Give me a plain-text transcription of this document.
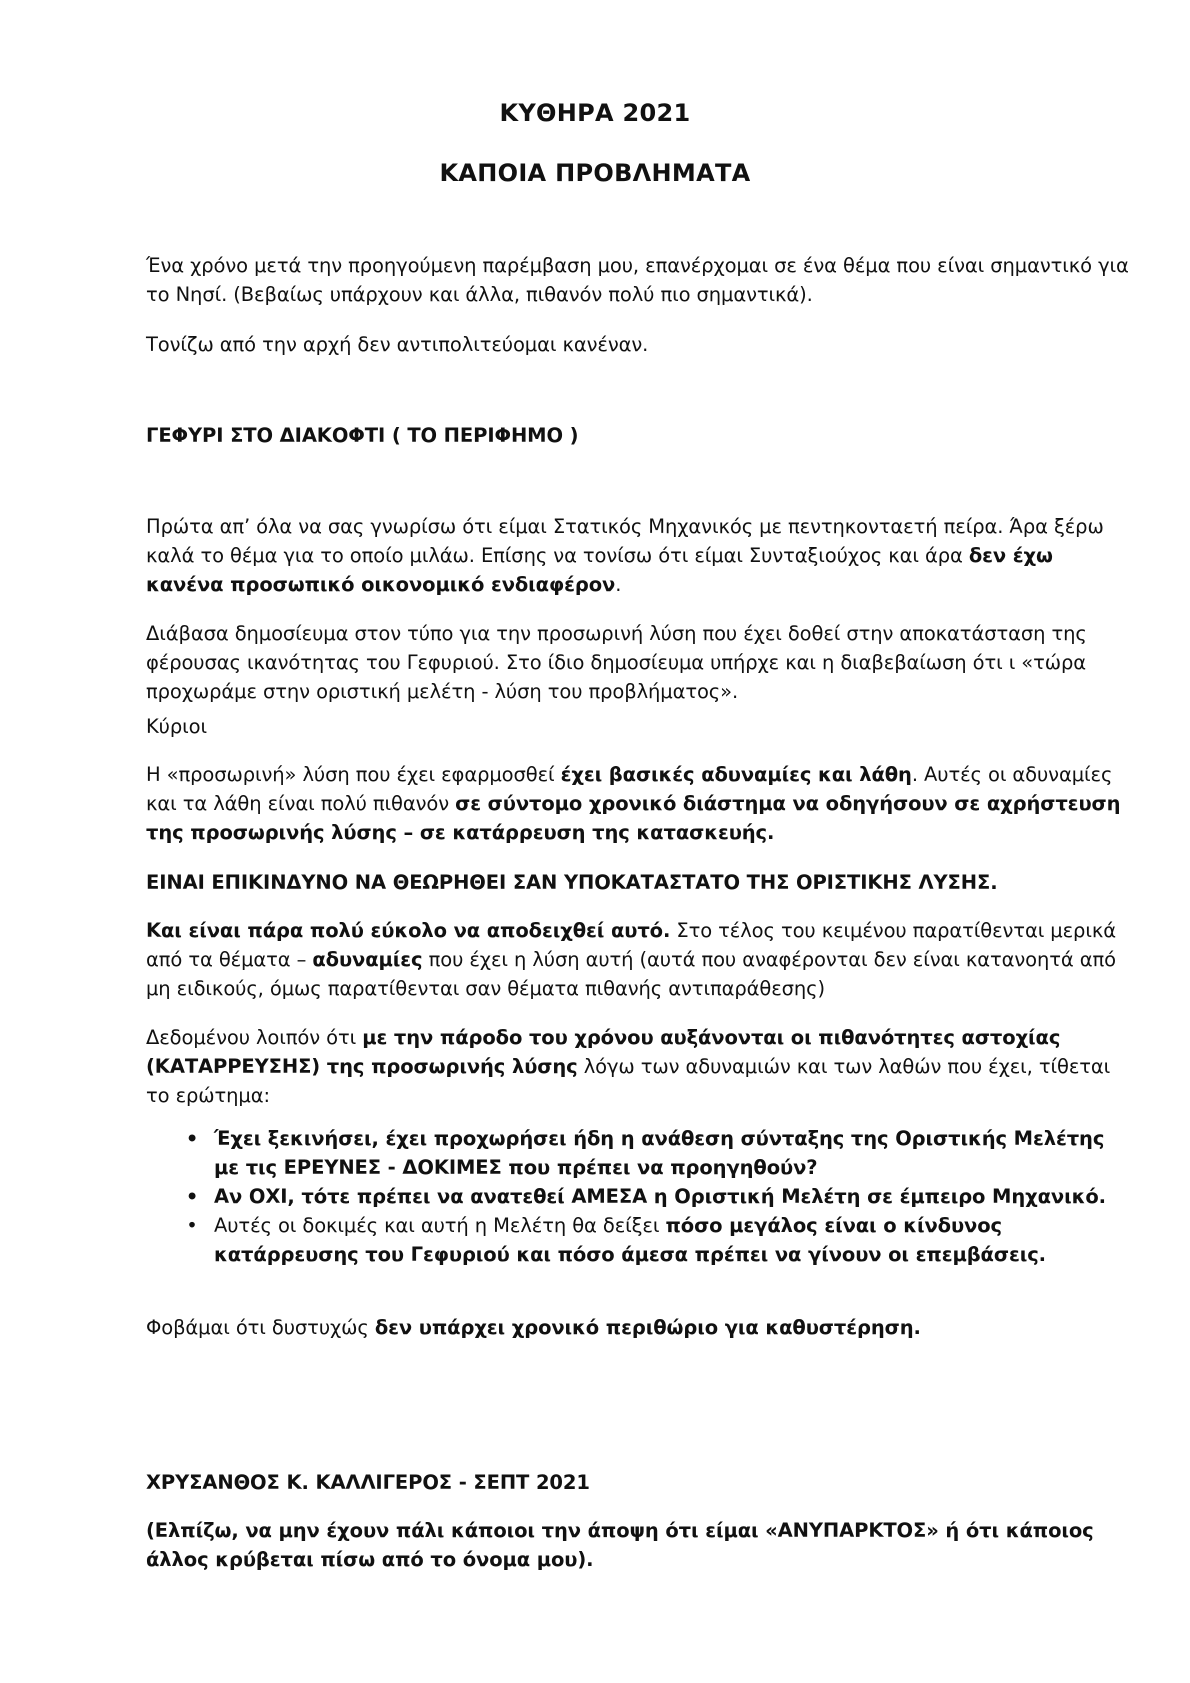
ΚΥΘΗΡΑ 2021
ΚΑΠΟΙΑ ΠΡΟΒΛΗΜΑΤΑ
Ένα χρόνο μετά την προηγούμενη παρέμβαση μου, επανέρχομαι σε ένα θέμα που είναι σημαντικό για το Νησί. (Βεβαίως υπάρχουν και άλλα, πιθανόν πολύ πιο σημαντικά).
Τονίζω από την αρχή δεν αντιπολιτεύομαι κανέναν.
ΓΕΦΥΡΙ ΣΤΟ ΔΙΑΚΟΦΤΙ ( ΤΟ ΠΕΡΙΦΗΜΟ )
Πρώτα απ’ όλα να σας γνωρίσω ότι είμαι Στατικός Μηχανικός με πεντηκονταετή πείρα. Άρα ξέρω καλά το θέμα για το οποίο μιλάω. Επίσης να τονίσω ότι είμαι Συνταξιούχος και άρα δεν έχω κανένα προσωπικό οικονομικό ενδιαφέρον.
Διάβασα δημοσίευμα στον τύπο για την προσωρινή λύση που έχει δοθεί στην αποκατάσταση της φέρουσας ικανότητας του Γεφυριού. Στο ίδιο δημοσίευμα υπήρχε και η διαβεβαίωση ότι ι «τώρα προχωράμε στην οριστική μελέτη - λύση του προβλήματος».
Κύριοι
Η «προσωρινή» λύση που έχει εφαρμοσθεί έχει βασικές αδυναμίες και λάθη. Αυτές οι αδυναμίες και τα λάθη είναι πολύ πιθανόν σε σύντομο χρονικό διάστημα να οδηγήσουν σε αχρήστευση της προσωρινής λύσης – σε κατάρρευση της κατασκευής.
ΕΙΝΑΙ ΕΠΙΚΙΝΔΥΝΟ ΝΑ ΘΕΩΡΗΘΕΙ ΣΑΝ ΥΠΟΚΑΤΑΣΤΑΤΟ ΤΗΣ ΟΡΙΣΤΙΚΗΣ ΛΥΣΗΣ.
Και είναι πάρα πολύ εύκολο να αποδειχθεί αυτό. Στο τέλος του κειμένου παρατίθενται μερικά από τα θέματα – αδυναμίες που έχει η λύση αυτή (αυτά που αναφέρονται δεν είναι κατανοητά από μη ειδικούς, όμως παρατίθενται σαν θέματα πιθανής αντιπαράθεσης)
Δεδομένου λοιπόν ότι με την πάροδο του χρόνου αυξάνονται οι πιθανότητες αστοχίας (ΚΑΤΑΡΡΕΥΣΗΣ) της προσωρινής λύσης λόγω των αδυναμιών και των λαθών που έχει, τίθεται το ερώτημα:
• Έχει ξεκινήσει, έχει προχωρήσει ήδη η ανάθεση σύνταξης της Οριστικής Μελέτης με τις ΕΡΕΥΝΕΣ - ΔΟΚΙΜΕΣ που πρέπει να προηγηθούν?
• Αν ΟΧΙ, τότε πρέπει να ανατεθεί ΑΜΕΣΑ η Οριστική Μελέτη σε έμπειρο Μηχανικό.
• Αυτές οι δοκιμές και αυτή η Μελέτη θα δείξει πόσο μεγάλος είναι ο κίνδυνος κατάρρευσης του Γεφυριού και πόσο άμεσα πρέπει να γίνουν οι επεμβάσεις.
Φοβάμαι ότι δυστυχώς δεν υπάρχει χρονικό περιθώριο για καθυστέρηση.
ΧΡΥΣΑΝΘΟΣ Κ. ΚΑΛΛΙΓΕΡΟΣ - ΣΕΠΤ 2021
(Ελπίζω, να μην έχουν πάλι κάποιοι την άποψη ότι είμαι «ΑΝΥΠΑΡΚΤΟΣ» ή ότι κάποιος άλλος κρύβεται πίσω από το όνομα μου).
